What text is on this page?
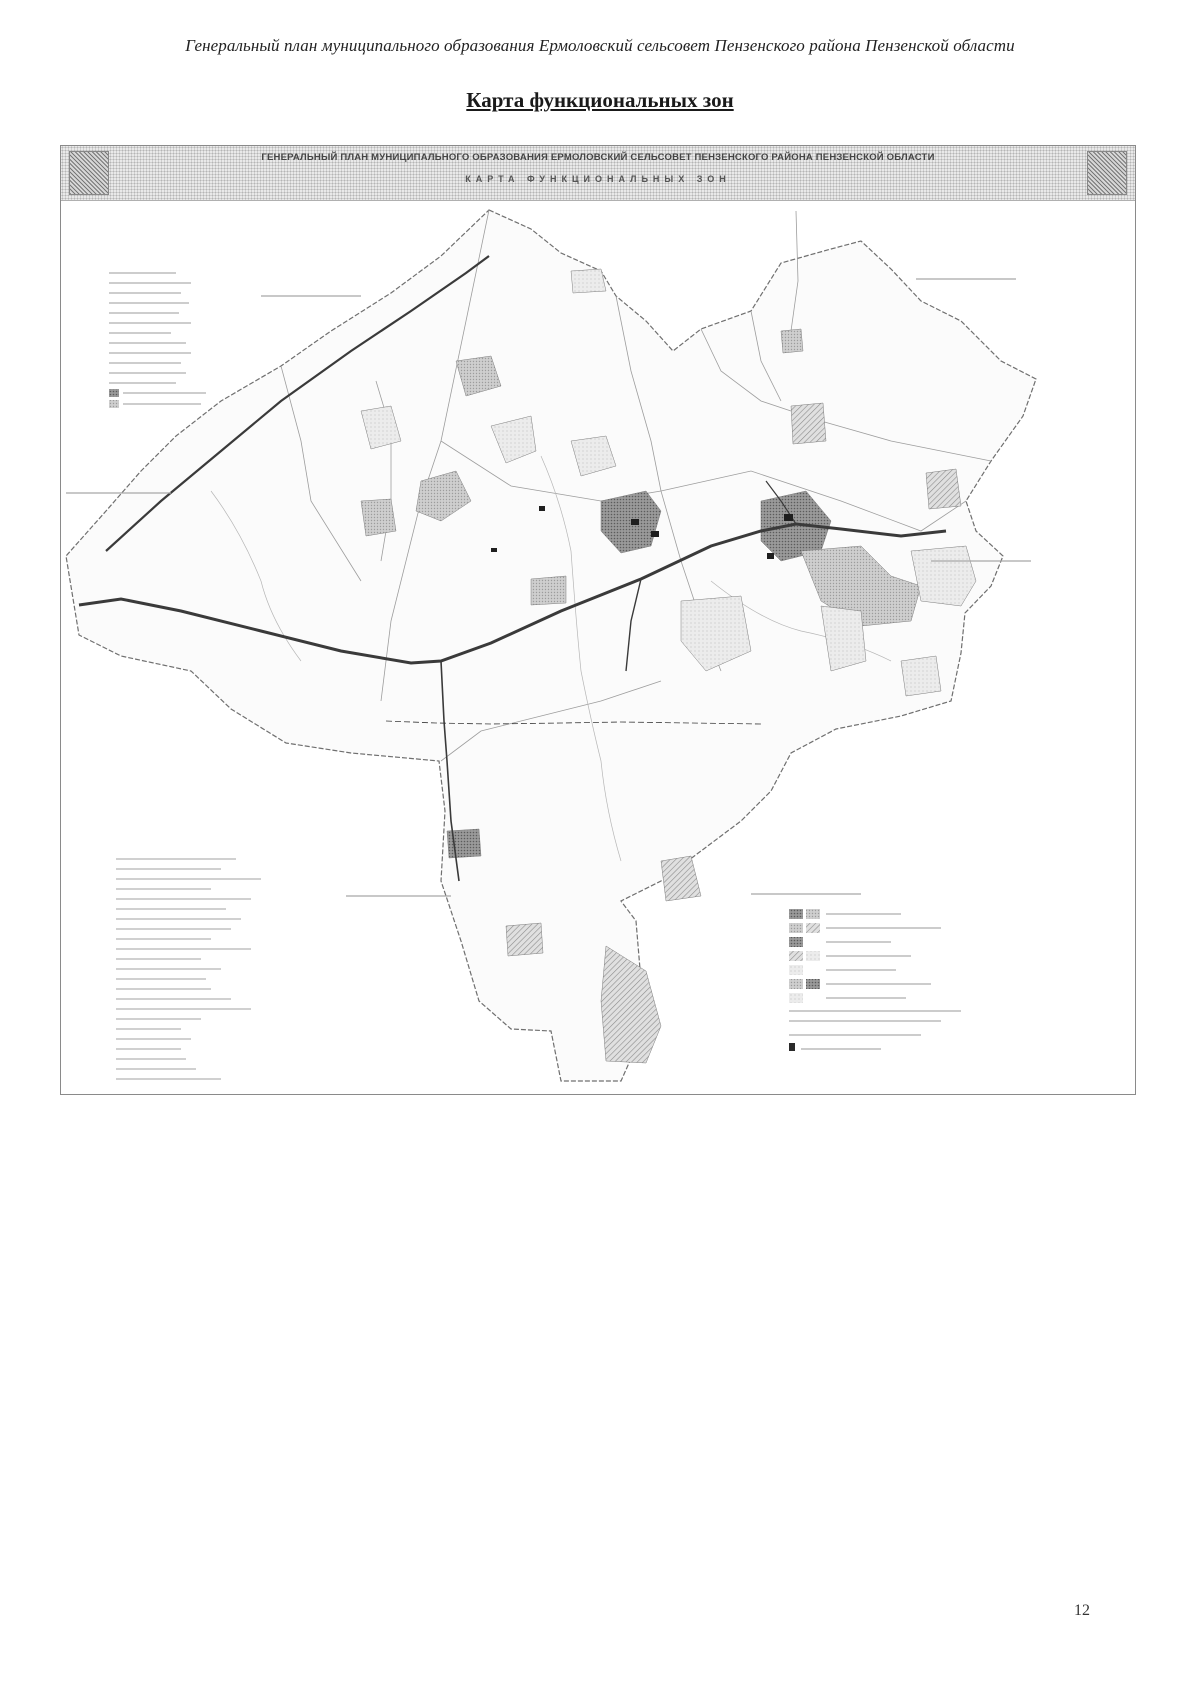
Генеральный план муниципального образования Ермоловский сельсовет Пензенского района Пензенской области
Карта функциональных зон
ГЕНЕРАЛЬНЫЙ ПЛАН МУНИЦИПАЛЬНОГО ОБРАЗОВАНИЯ ЕРМОЛОВСКИЙ СЕЛЬСОВЕТ ПЕНЗЕНСКОГО РАЙОНА ПЕНЗЕНСКОЙ ОБЛАСТИ
КАРТА ФУНКЦИОНАЛЬНЫХ ЗОН
12
